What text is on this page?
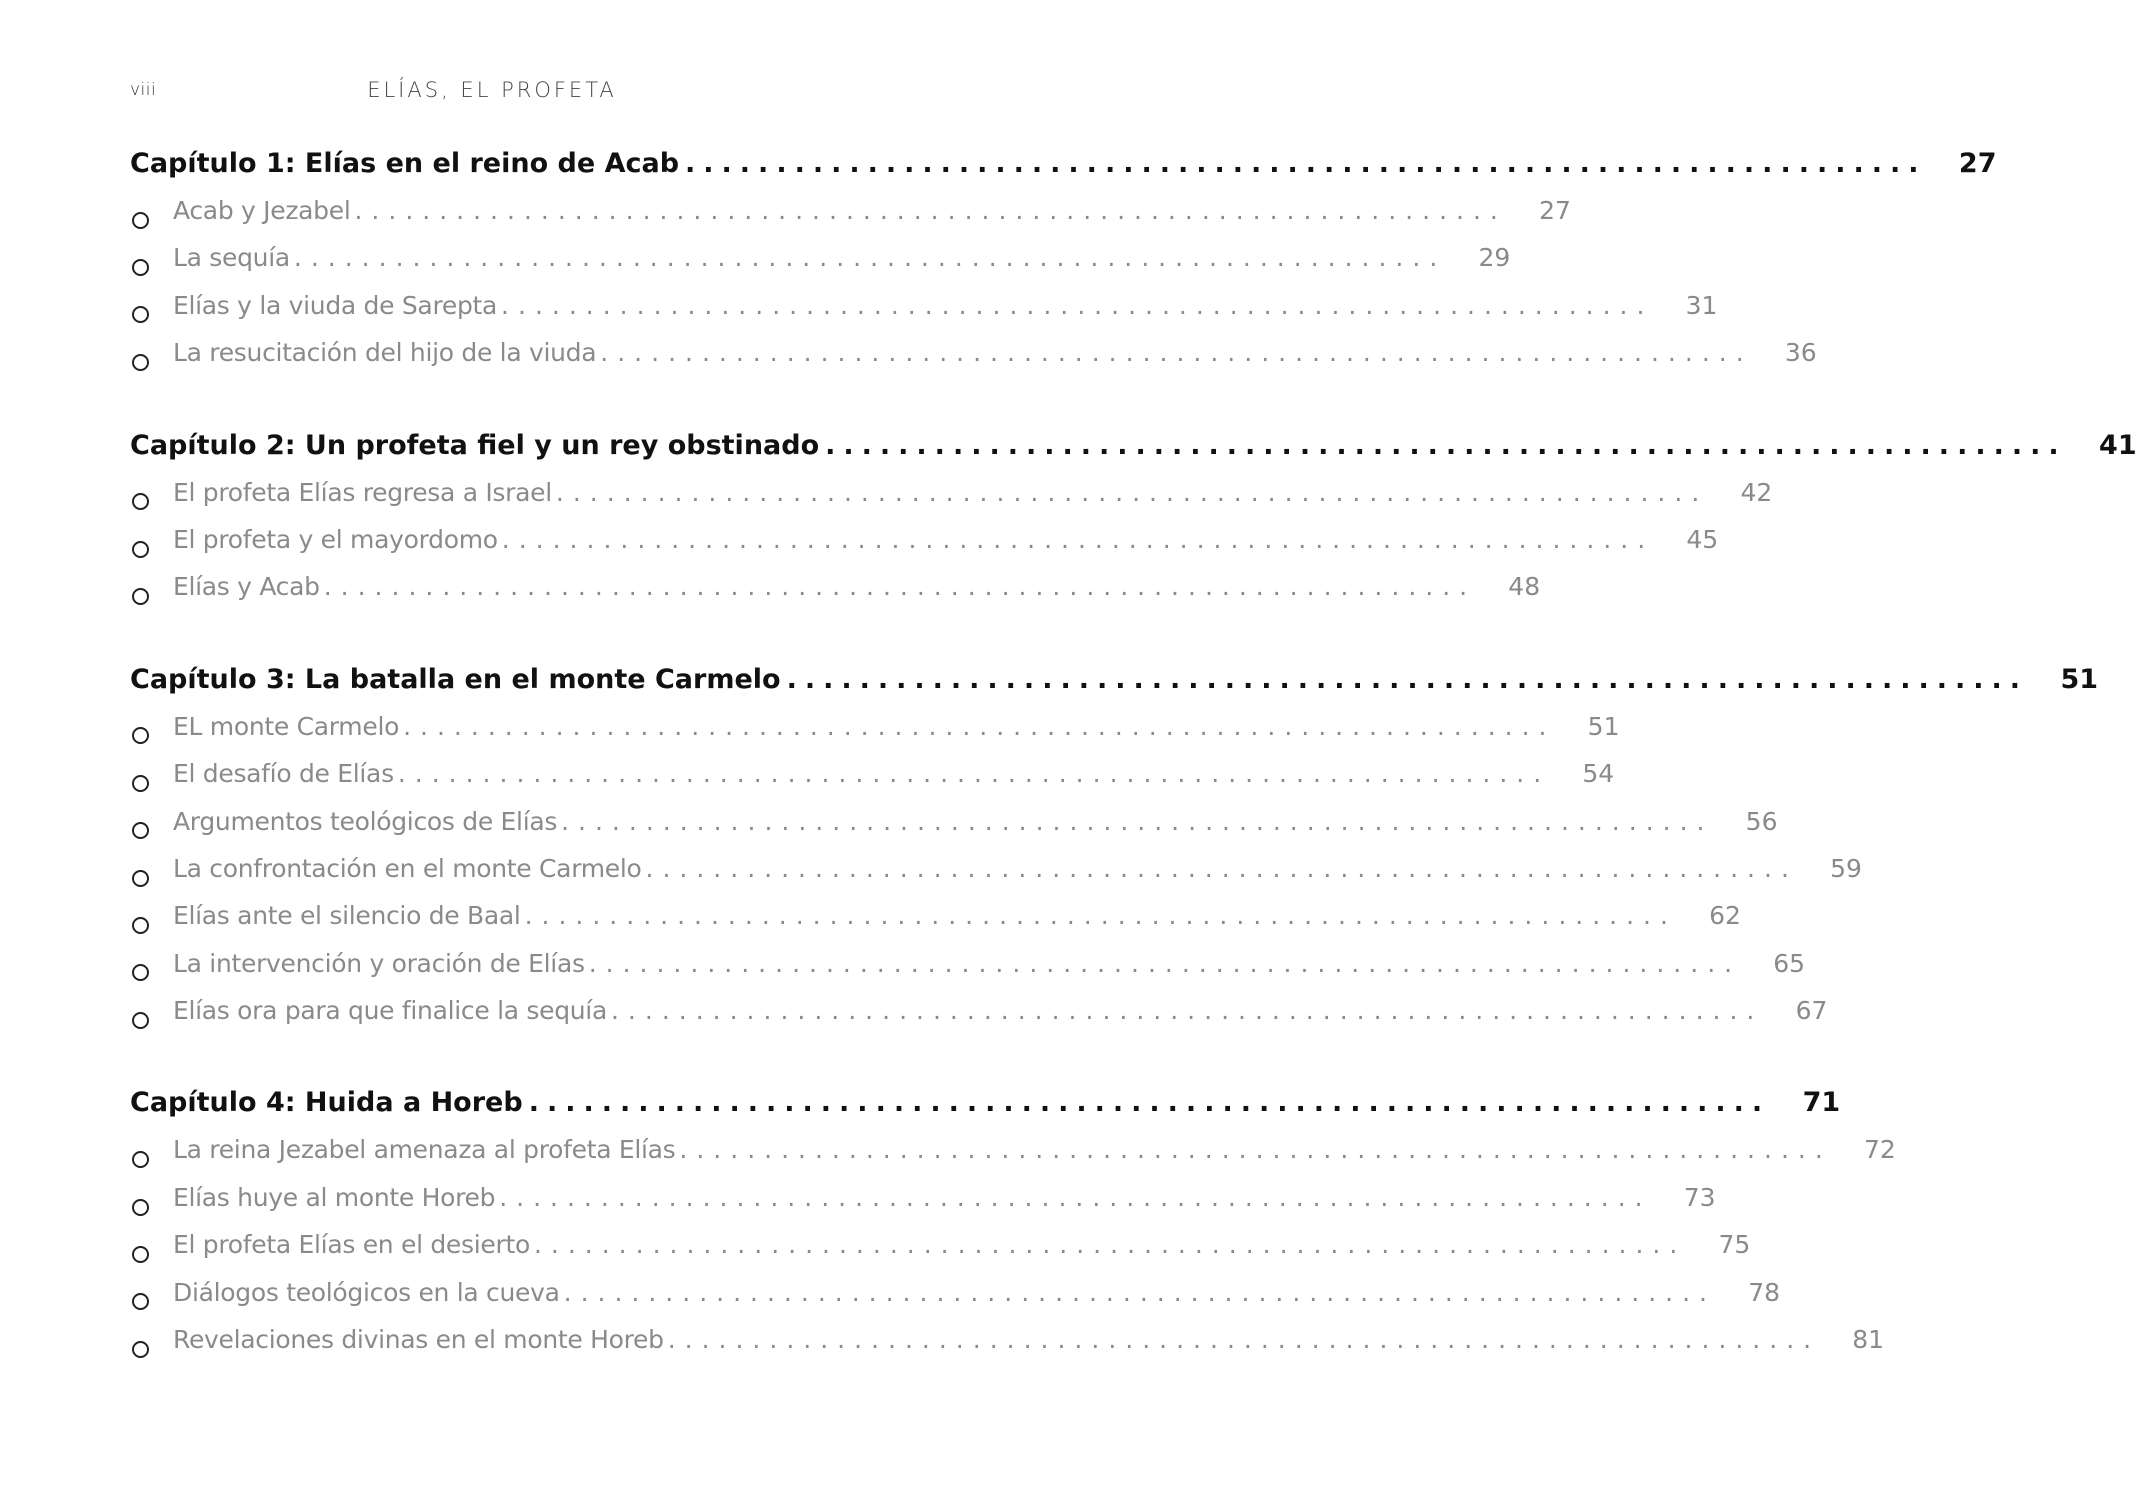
viii	ELÍAS, EL PROFETA
Capítulo 1: Elías en el reino de Acab ....................................................................	27
Acab y Jezabel ....................................................................	27
La sequía ....................................................................	29
Elías y la viuda de Sarepta ....................................................................	31
La resucitación del hijo de la viuda ....................................................................	36
Capítulo 2: Un profeta fiel y un rey obstinado ....................................................................	41
El profeta Elías regresa a Israel ....................................................................	42
El profeta y el mayordomo ....................................................................	45
Elías y Acab ....................................................................	48
Capítulo 3: La batalla en el monte Carmelo ....................................................................	51
EL monte Carmelo ....................................................................	51
El desafío de Elías ....................................................................	54
Argumentos teológicos de Elías ....................................................................	56
La confrontación en el monte Carmelo ....................................................................	59
Elías ante el silencio de Baal ....................................................................	62
La intervención y oración de Elías ....................................................................	65
Elías ora para que finalice la sequía ....................................................................	67
Capítulo 4: Huida a Horeb ....................................................................	71
La reina Jezabel amenaza al profeta Elías ....................................................................	72
Elías huye al monte Horeb ....................................................................	73
El profeta Elías en el desierto ....................................................................	75
Diálogos teológicos en la cueva ....................................................................	78
Revelaciones divinas en el monte Horeb ....................................................................	81
